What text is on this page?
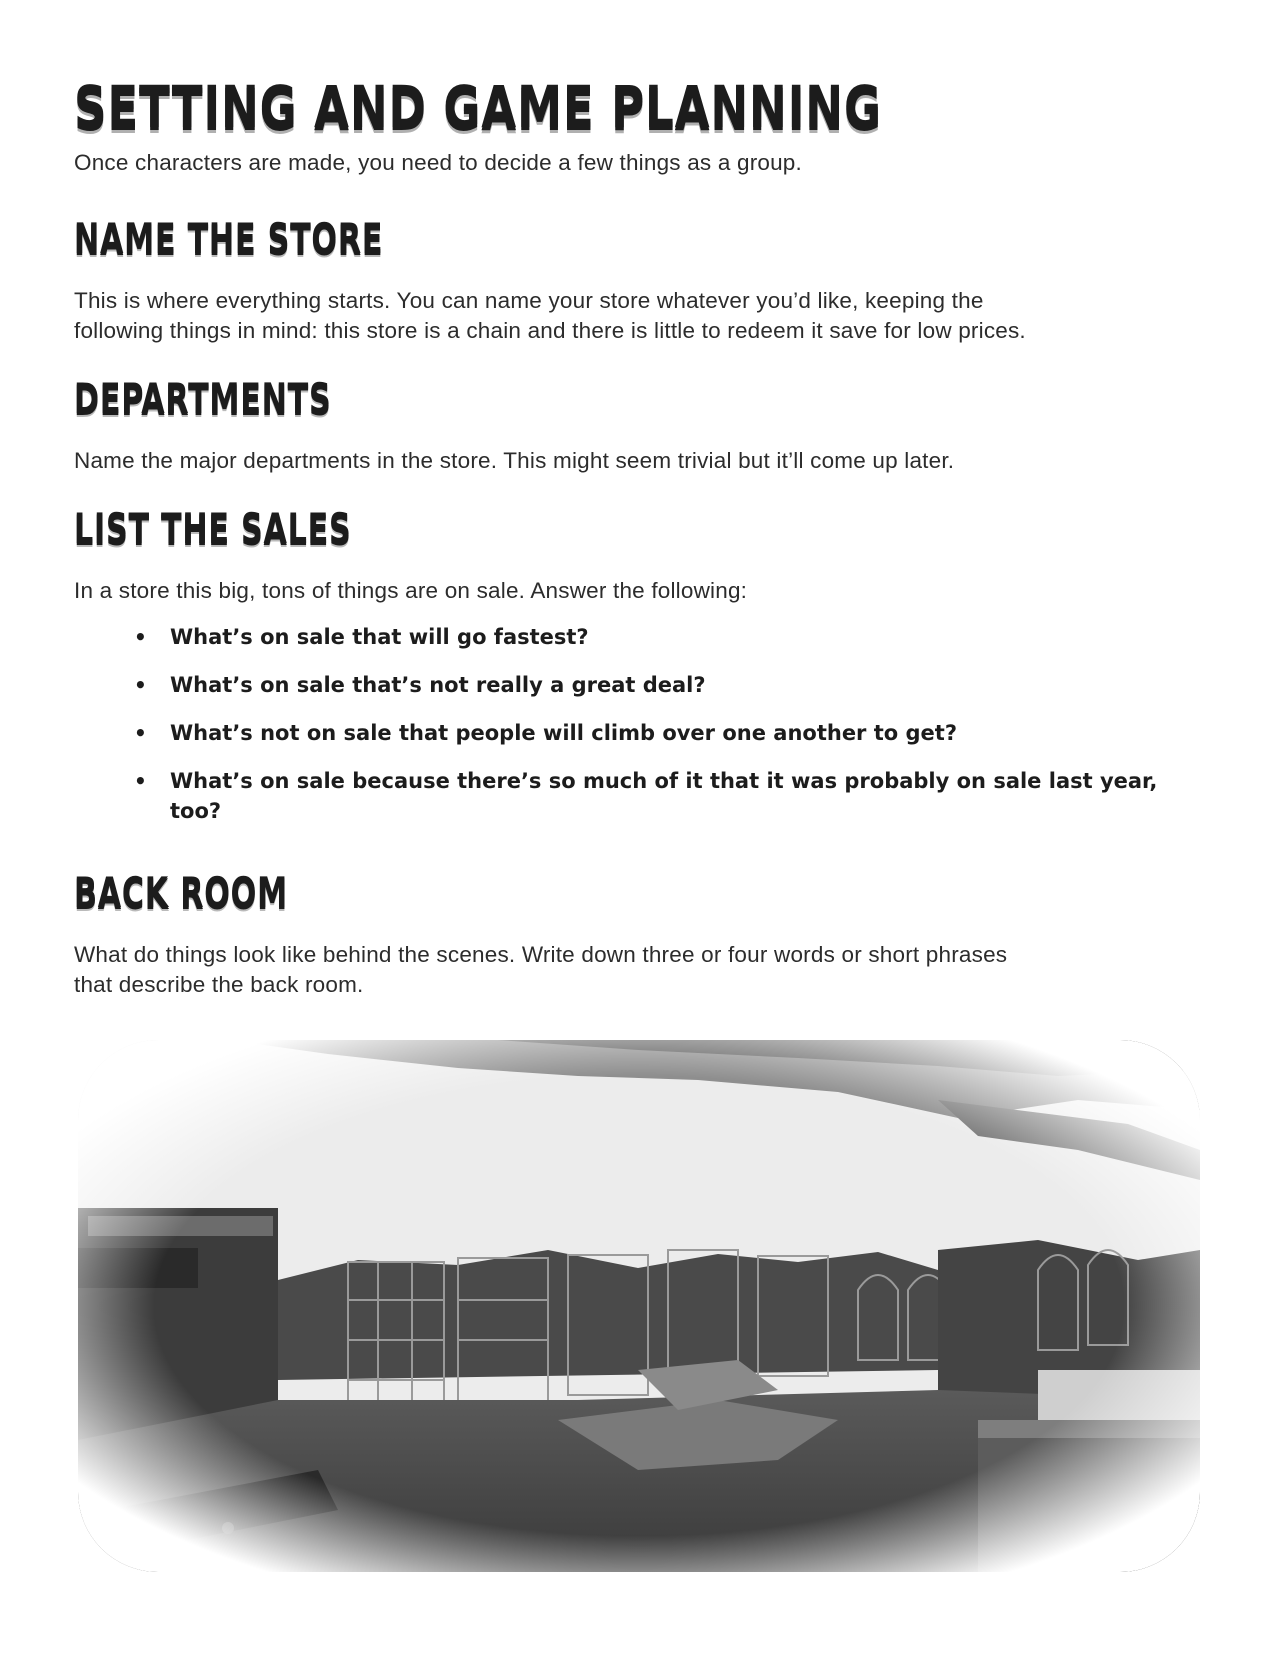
SETTING AND GAME PLANNING

Once characters are made, you need to decide a few things as a group.

NAME THE STORE

This is where everything starts. You can name your store whatever you’d like, keeping the
following things in mind: this store is a chain and there is little to redeem it save for low prices.

DEPARTMENTS

Name the major departments in the store. This might seem trivial but it’ll come up later.

LIST THE SALES

In a store this big, tons of things are on sale. Answer the following:

• What’s on sale that will go fastest?
• What’s on sale that’s not really a great deal?
• What’s not on sale that people will climb over one another to get?
• What’s on sale because there’s so much of it that it was probably on sale last year, too?
BACK ROOM

What do things look like behind the scenes. Write down three or four words or short phrases
that describe the back room.
